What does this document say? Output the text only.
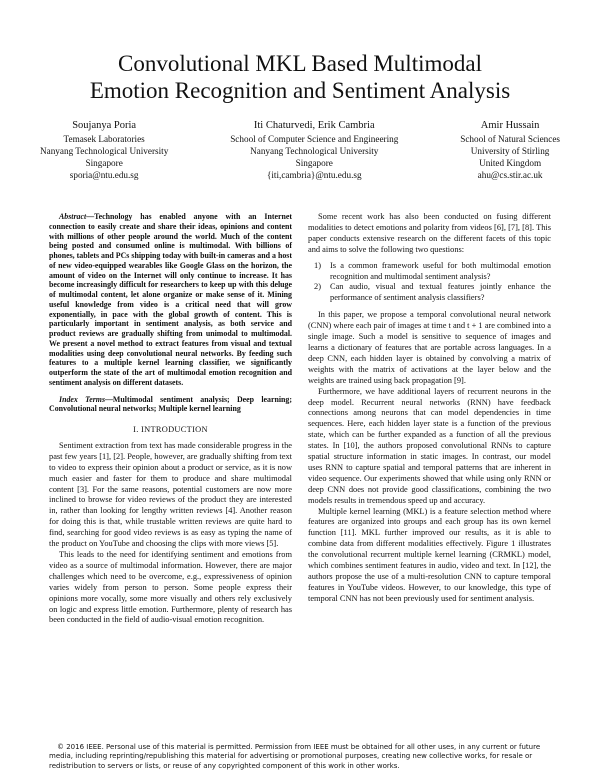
Convolutional MKL Based Multimodal
Emotion Recognition and Sentiment Analysis
Soujanya Poria
Temasek Laboratories
Nanyang Technological University
Singapore
sporia@ntu.edu.sg
Iti Chaturvedi, Erik Cambria
School of Computer Science and Engineering
Nanyang Technological University
Singapore
{iti,cambria}@ntu.edu.sg
Amir Hussain
School of Natural Sciences
University of Stirling
United Kingdom
ahu@cs.stir.ac.uk

Abstract—Technology has enabled anyone with an Internet connection to easily create and share their ideas, opinions and content with millions of other people around the world. Much of the content being posted and consumed online is multimodal. With billions of phones, tablets and PCs shipping today with built-in cameras and a host of new video-equipped wearables like Google Glass on the horizon, the amount of video on the Internet will only continue to increase. It has become increasingly difficult for researchers to keep up with this deluge of multimodal content, let alone organize or make sense of it. Mining useful knowledge from video is a critical need that will grow exponentially, in pace with the global growth of content. This is particularly important in sentiment analysis, as both service and product reviews are gradually shifting from unimodal to multimodal. We present a novel method to extract features from visual and textual modalities using deep convolutional neural networks. By feeding such features to a multiple kernel learning classifier, we significantly outperform the state of the art of multimodal emotion recognition and sentiment analysis on different datasets.

Index Terms—Multimodal sentiment analysis; Deep learning; Convolutional neural networks; Multiple kernel learning

I. INTRODUCTION

Sentiment extraction from text has made considerable progress in the past few years [1], [2]. People, however, are gradually shifting from text to video to express their opinion about a product or service, as it is now much easier and faster for them to produce and share multimodal content [3]. For the same reasons, potential customers are now more inclined to browse for video reviews of the product they are interested in, rather than looking for lengthy written reviews [4]. Another reason for doing this is that, while trustable written reviews are quite hard to find, searching for good video reviews is as easy as typing the name of the product on YouTube and choosing the clips with more views [5].

This leads to the need for identifying sentiment and emotions from video as a source of multimodal information. However, there are major challenges which need to be overcome, e.g., expressiveness of opinion varies widely from person to person. Some people express their opinions more vocally, some more visually and others rely exclusively on logic and express little emotion. Furthermore, plenty of research has been conducted in the field of audio-visual emotion recognition.

Some recent work has also been conducted on fusing different modalities to detect emotions and polarity from videos [6], [7], [8]. This paper conducts extensive research on the different facets of this topic and aims to solve the following two questions:

1)	Is a common framework useful for both multimodal emotion recognition and multimodal sentiment analysis?
2)	Can audio, visual and textual features jointly enhance the performance of sentiment analysis classifiers?

In this paper, we propose a temporal convolutional neural network (CNN) where each pair of images at time t and t + 1 are combined into a single image. Such a model is sensitive to sequence of images and learns a dictionary of features that are portable across languages. In a deep CNN, each hidden layer is obtained by convolving a matrix of weights with the matrix of activations at the layer below and the weights are trained using back propagation [9].

Furthermore, we have additional layers of recurrent neurons in the deep model. Recurrent neural networks (RNN) have feedback connections among neurons that can model dependencies in time sequences. Here, each hidden layer state is a function of the previous state, which can be further expanded as a function of all the previous states. In [10], the authors proposed convolutional RNNs to capture spatial structure information in static images. In contrast, our model uses RNN to capture spatial and temporal patterns that are inherent in video sequence. Our experiments showed that while using only RNN or deep CNN does not provide good classifications, combining the two models results in tremendous speed up and accuracy.

Multiple kernel learning (MKL) is a feature selection method where features are organized into groups and each group has its own kernel function [11]. MKL further improved our results, as it is able to combine data from different modalities effectively. Figure 1 illustrates the convolutional recurrent multiple kernel learning (CRMKL) model, which combines sentiment features in audio, video and text. In [12], the authors propose the use of a multi-resolution CNN to capture temporal features in YouTube videos. However, to our knowledge, this type of temporal CNN has not been previously used for sentiment analysis.

© 2016 IEEE. Personal use of this material is permitted. Permission from IEEE must be obtained for all other uses, in any current or future media, including reprinting/republishing this material for advertising or promotional purposes, creating new collective works, for resale or redistribution to servers or lists, or reuse of any copyrighted component of this work in other works.
